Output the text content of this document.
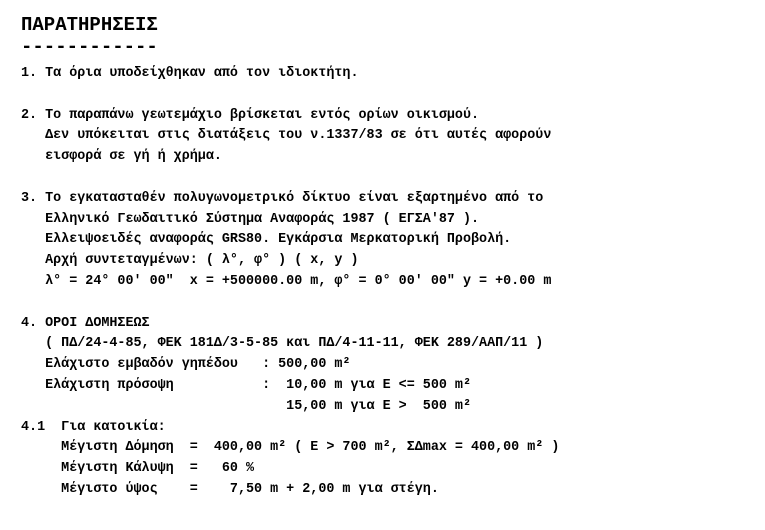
ΠΑΡΑΤΗΡΗΣΕΙΣ
------------
1. Τα όρια υποδείχθηκαν από τον ιδιοκτήτη.
2. Το παραπάνω γεωτεμάχιο βρίσκεται εντός ορίων οικισμού.
Δεν υπόκειται στις διατάξεις του ν.1337/83 σε ότι αυτές αφορούν
εισφορά σε γή ή χρήμα.
3. Το εγκατασταθέν πολυγωνομετρικό δίκτυο είναι εξαρτημένο από το
Ελληνικό Γεωδαιτικό Σύστημα Αναφοράς 1987 ( ΕΓΣΑ'87 ).
Ελλειψοειδές αναφοράς GRS80. Εγκάρσια Μερκατορική Προβολή.
Αρχή συντεταγμένων: ( λ°, φ° ) ( x, y )
λ° = 24° 00' 00"  x = +500000.00 m, φ° = 0° 00' 00" y = +0.00 m
4. ΟΡΟΙ ΔΟΜΗΣΕΩΣ
( ΠΔ/24-4-85, ΦΕΚ 181Δ/3-5-85 και ΠΔ/4-11-11, ΦΕΚ 289/ΑΑΠ/11 )
Ελάχιστο εμβαδόν γηπέδου   : 500,00 m²
Ελάχιστη πρόσοψη           :  10,00 m για Ε <= 500 m²
15,00 m για Ε >  500 m²
4.1  Για κατοικία:
Μέγιστη Δόμηση  =  400,00 m² ( Ε > 700 m², ΣΔmax = 400,00 m² )
Μέγιστη Κάλυψη  =   60 %
Μέγιστο ύψος    =    7,50 m + 2,00 m για στέγη.
